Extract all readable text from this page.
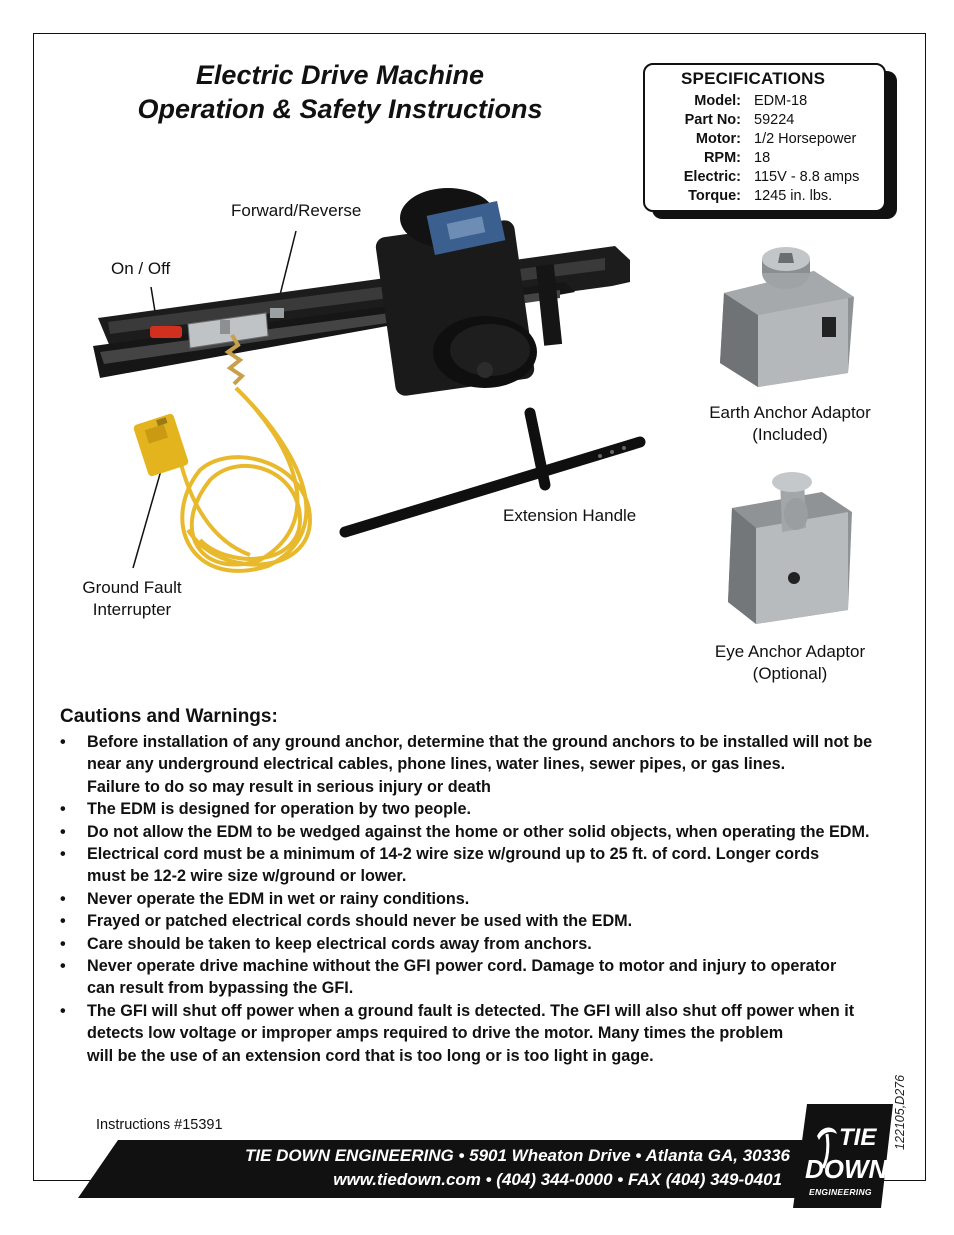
Electric Drive Machine
Operation & Safety Instructions
SPECIFICATIONS
Model: EDM-18
Part No: 59224
Motor: 1/2 Horsepower
RPM: 18
Electric: 115V - 8.8 amps
Torque: 1245 in. lbs.
Forward/Reverse
On / Off
Extension Handle
Ground Fault
Interrupter
Earth Anchor Adaptor
(Included)
Eye Anchor Adaptor
(Optional)
Cautions and Warnings:
• Before installation of any ground anchor, determine that the ground anchors to be installed will not be
near any underground electrical cables, phone lines, water lines, sewer pipes, or gas lines.
Failure to do so may result in serious injury or death
• The EDM is designed for operation by two people.
• Do not allow the EDM to be wedged against the home or other solid objects, when operating the EDM.
• Electrical cord must be a minimum of 14-2 wire size w/ground up to 25 ft. of cord. Longer cords
must be 12-2 wire size w/ground or lower.
• Never operate the EDM in wet or rainy conditions.
• Frayed or patched electrical cords should never be used with the EDM.
• Care should be taken to keep electrical cords away from anchors.
• Never operate drive machine without the GFI power cord. Damage to motor and injury to operator
can result from bypassing the GFI.
• The GFI will shut off power when a ground fault is detected. The GFI will also shut off power when it
detects low voltage or improper amps required to drive the motor. Many times the problem
will be the use of an extension cord that is too long or is too light in gage.
Instructions #15391	122105,D276
TIE DOWN ENGINEERING • 5901 Wheaton Drive • Atlanta GA, 30336
www.tiedown.com • (404) 344-0000 • FAX (404) 349-0401
TIE
DOWN
ENGINEERING
